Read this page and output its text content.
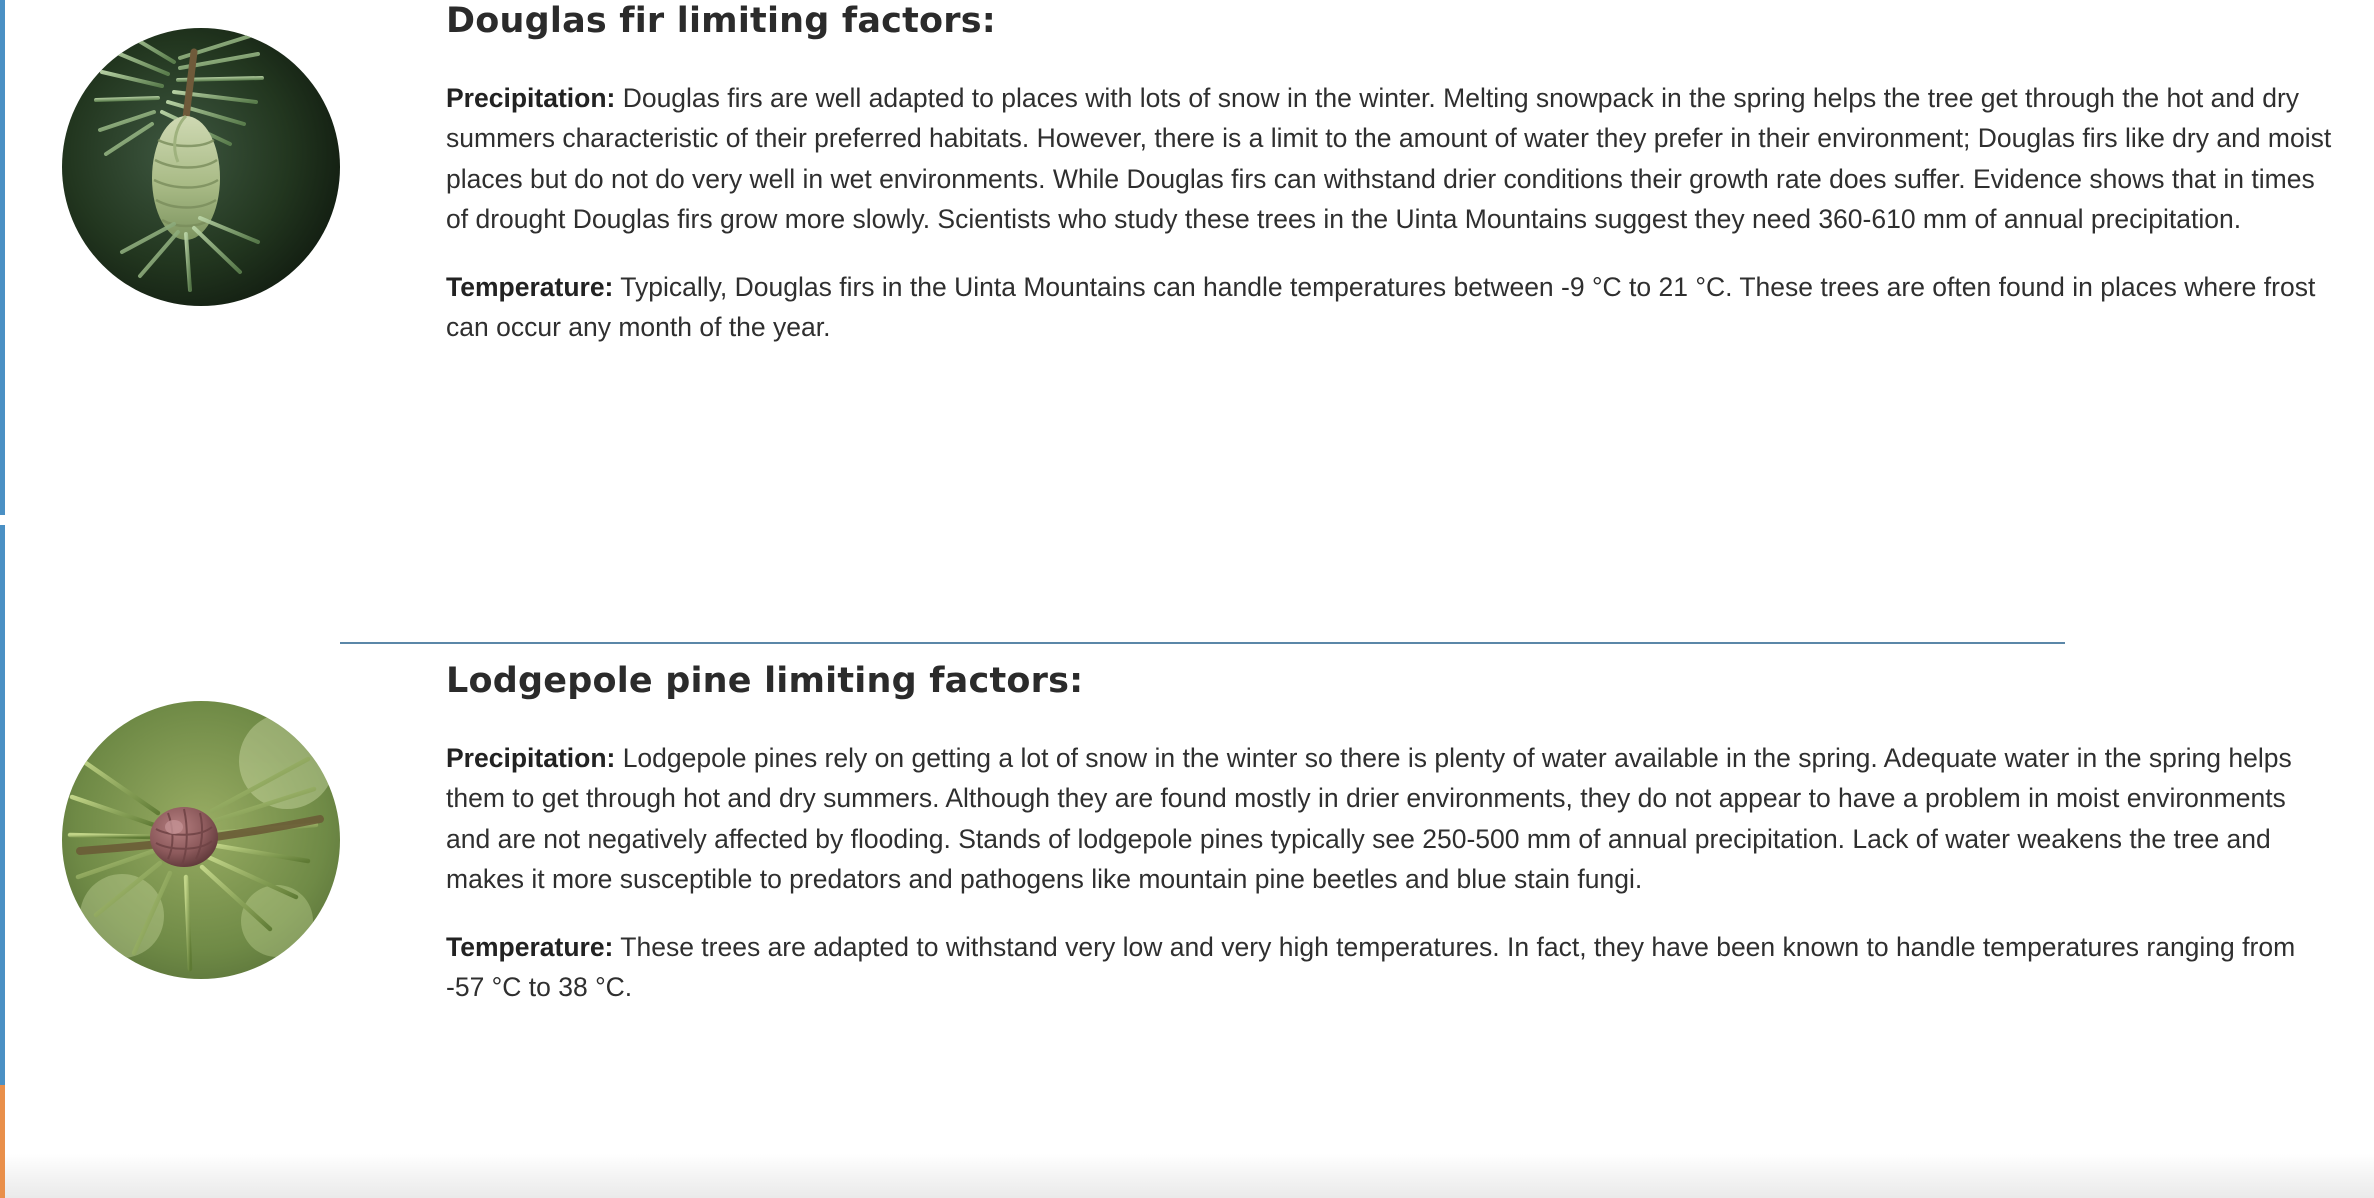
Douglas fir limiting factors:

Precipitation: Douglas firs are well adapted to places with lots of snow in the winter. Melting snowpack in the spring helps the tree get through the hot and dry summers characteristic of their preferred habitats. However, there is a limit to the amount of water they prefer in their environment; Douglas firs like dry and moist places but do not do very well in wet environments. While Douglas firs can withstand drier conditions their growth rate does suffer. Evidence shows that in times of drought Douglas firs grow more slowly. Scientists who study these trees in the Uinta Mountains suggest they need 360-610 mm of annual precipitation.

Temperature: Typically, Douglas firs in the Uinta Mountains can handle temperatures between -9 °C to 21 °C. These trees are often found in places where frost can occur any month of the year.

Lodgepole pine limiting factors:

Precipitation: Lodgepole pines rely on getting a lot of snow in the winter so there is plenty of water available in the spring. Adequate water in the spring helps them to get through hot and dry summers. Although they are found mostly in drier environments, they do not appear to have a problem in moist environments and are not negatively affected by flooding. Stands of lodgepole pines typically see 250-500 mm of annual precipitation. Lack of water weakens the tree and makes it more susceptible to predators and pathogens like mountain pine beetles and blue stain fungi.

Temperature: These trees are adapted to withstand very low and very high temperatures. In fact, they have been known to handle temperatures ranging from -57 °C to 38 °C.
